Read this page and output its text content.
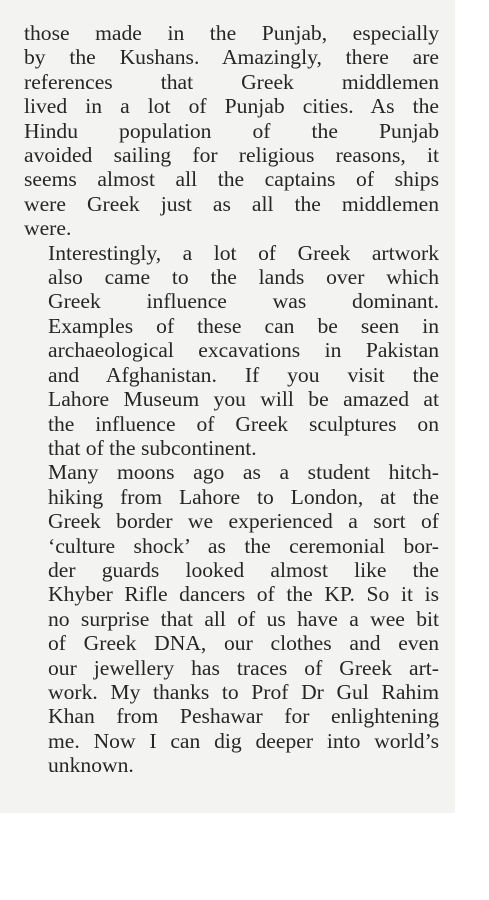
those made in the Punjab, especially
by the Kushans. Amazingly, there are
references that Greek middlemen
lived in a lot of Punjab cities. As the
Hindu population of the Punjab
avoided sailing for religious reasons, it
seems almost all the captains of ships
were Greek just as all the middlemen
were.

Interestingly, a lot of Greek artwork
also came to the lands over which
Greek influence was dominant.
Examples of these can be seen in
archaeological excavations in Pakistan
and Afghanistan. If you visit the
Lahore Museum you will be amazed at
the influence of Greek sculptures on
that of the subcontinent.

Many moons ago as a student hitch-
hiking from Lahore to London, at the
Greek border we experienced a sort of
‘culture shock’ as the ceremonial bor-
der guards looked almost like the
Khyber Rifle dancers of the KP. So it is
no surprise that all of us have a wee bit
of Greek DNA, our clothes and even
our jewellery has traces of Greek art-
work. My thanks to Prof Dr Gul Rahim
Khan from Peshawar for enlightening
me. Now I can dig deeper into world’s
unknown.
